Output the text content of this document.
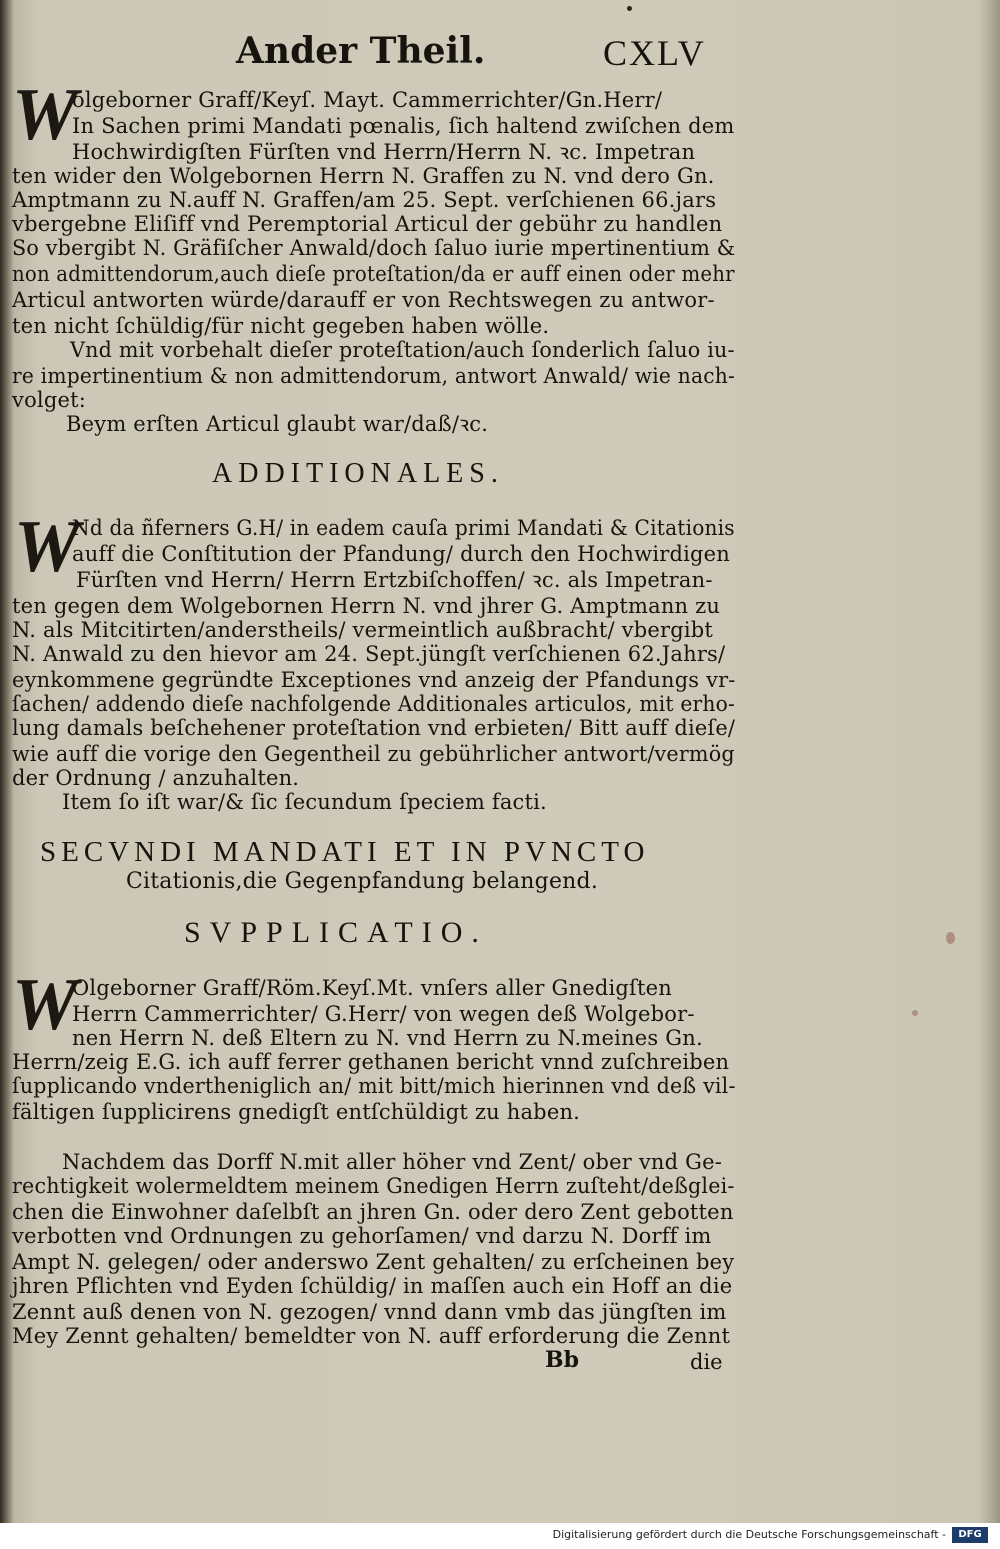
Ander Theil.	CXLV
W
olgeborner Graff/Keyſ. Mayt. Cammerrichter/Gn.Herr/
In Sachen primi Mandati pœnalis, ſich haltend zwiſchen dem
Hochwirdigſten Fürſten vnd Herrn/Herrn N. ꝛc. Impetran
ten wider den Wolgebornen Herrn N. Graffen zu N. vnd dero Gn.
Amptmann zu N.auff N. Graffen/am 25. Sept. verſchienen 66.jars
vbergebne Eliſiff vnd Peremptorial Articul der gebühr zu handlen
So vbergibt N. Gräfiſcher Anwald/doch ſaluo iurie mpertinentium &
non admittendorum,auch dieſe proteſtation/da er auff einen oder mehr
Articul antworten würde/darauff er von Rechtswegen zu antwor-
ten nicht ſchüldig/für nicht gegeben haben wölle.
Vnd mit vorbehalt dieſer proteſtation/auch ſonderlich ſaluo iu-
re impertinentium & non admittendorum, antwort Anwald/ wie nach-
volget:
Beym erſten Articul glaubt war/daß/ꝛc.
ADDITIONALES.
W
Nd da ñferners G.H/ in eadem cauſa primi Mandati & Citationis
auff die Conſtitution der Pfandung/ durch den Hochwirdigen
Fürſten vnd Herrn/ Herrn Ertzbiſchoffen/ ꝛc. als Impetran-
ten gegen dem Wolgebornen Herrn N. vnd jhrer G. Amptmann zu
N. als Mitcitirten/anderstheils/ vermeintlich außbracht/ vbergibt
N. Anwald zu den hievor am 24. Sept.jüngſt verſchienen 62.Jahrs/
eynkommene gegründte Exceptiones vnd anzeig der Pfandungs vr-
ſachen/ addendo dieſe nachfolgende Additionales articulos, mit erho-
lung damals beſchehener proteſtation vnd erbieten/ Bitt auff dieſe/
wie auff die vorige den Gegentheil zu gebührlicher antwort/vermög
der Ordnung / anzuhalten.
Item ſo iſt war/& ſic ſecundum ſpeciem facti.
SECVNDI MANDATI ET IN PVNCTO
Citationis,die Gegenpfandung belangend.
SVPPLICATIO.
W
Olgeborner Graff/Röm.Keyſ.Mt. vnſers aller Gnedigſten
Herrn Cammerrichter/ G.Herr/ von wegen deß Wolgebor-
nen Herrn N. deß Eltern zu N. vnd Herrn zu N.meines Gn.
Herrn/zeig E.G. ich auff ferrer gethanen bericht vnnd zuſchreiben
ſupplicando vndertheniglich an/ mit bitt/mich hierinnen vnd deß vil-
fältigen ſupplicirens gnedigſt entſchüldigt zu haben.
Nachdem das Dorff N.mit aller höher vnd Zent/ ober vnd Ge-
rechtigkeit wolermeldtem meinem Gnedigen Herrn zuſteht/deßglei-
chen die Einwohner daſelbſt an jhren Gn. oder dero Zent gebotten
verbotten vnd Ordnungen zu gehorſamen/ vnd darzu N. Dorff im
Ampt N. gelegen/ oder anderswo Zent gehalten/ zu erſcheinen bey
jhren Pflichten vnd Eyden ſchüldig/ in maſſen auch ein Hoff an die
Zennt auß denen von N. gezogen/ vnnd dann vmb das jüngſten im
Mey Zennt gehalten/ bemeldter von N. auff erforderung die Zennt
Bb	die
Digitalisierung gefördert durch die Deutsche Forschungsgemeinschaft -	DFG
